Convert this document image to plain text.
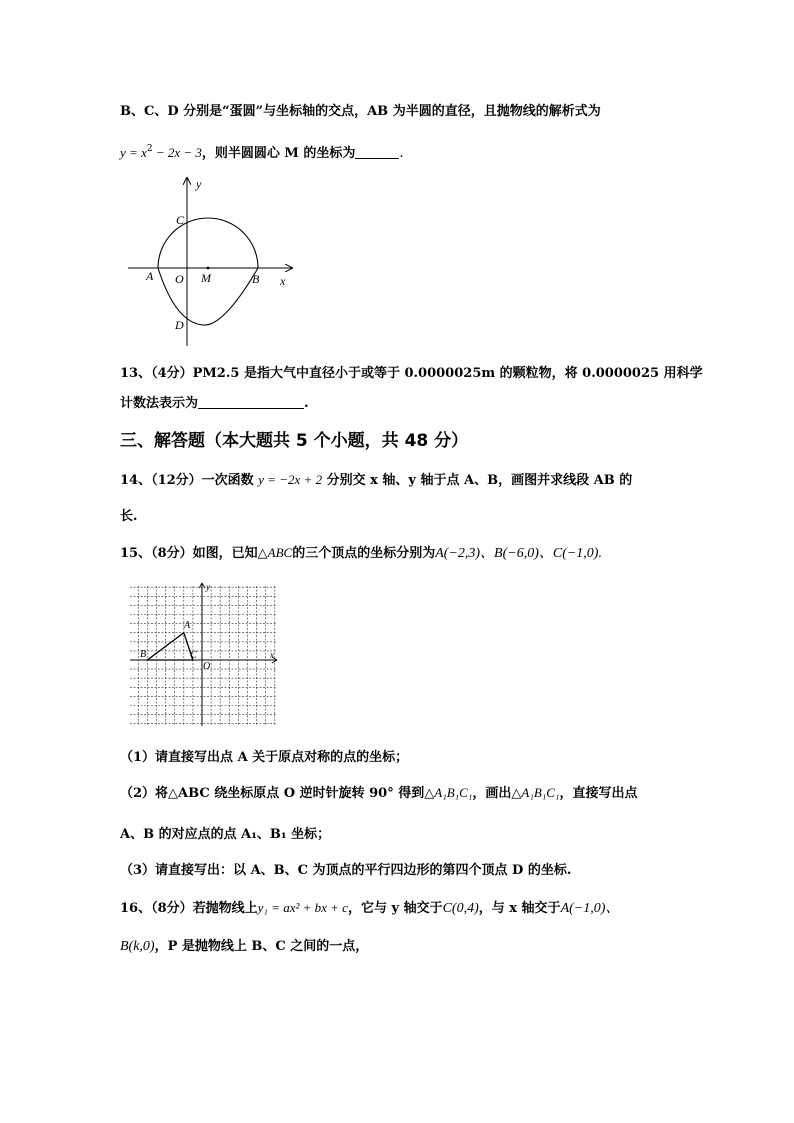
B、C、D 分别是“蛋圆”与坐标轴的交点，AB 为半圆的直径，且抛物线的解析式为
$y = x^2 - 2x - 3$，则半圆圆心 M 的坐标为	.
y
x
C
A O M	B
D
13、（4分）PM2.5 是指大气中直径小于或等于 0.0000025m 的颗粒物，将 0.0000025 用科学
计数法表示为	.
三、解答题（本大题共 5 个小题，共 48 分）
14、（12分）一次函数 y = −2x + 2 分别交 x 轴、y 轴于点 A、B，画图并求线段 AB 的
长.
15、（8分）如图，已知△ABC的三个顶点的坐标分别为A(−2,3)、B(−6,0)、C(−1,0).
y
x
A
B	C
O
（1）请直接写出点 A 关于原点对称的点的坐标；
（2）将△ABC 绕坐标原点 O 逆时针旋转 90° 得到△A₁B₁C₁，画出△A₁B₁C₁，直接写出点
A、B 的对应点的点 A₁、B₁ 坐标；
（3）请直接写出：以 A、B、C 为顶点的平行四边形的第四个顶点 D 的坐标.
16、（8分）若抛物线上y₁ = ax² + bx + c，它与 y 轴交于C(0,4)，与 x 轴交于A(−1,0)、
B(k,0)，P 是抛物线上 B、C 之间的一点，
